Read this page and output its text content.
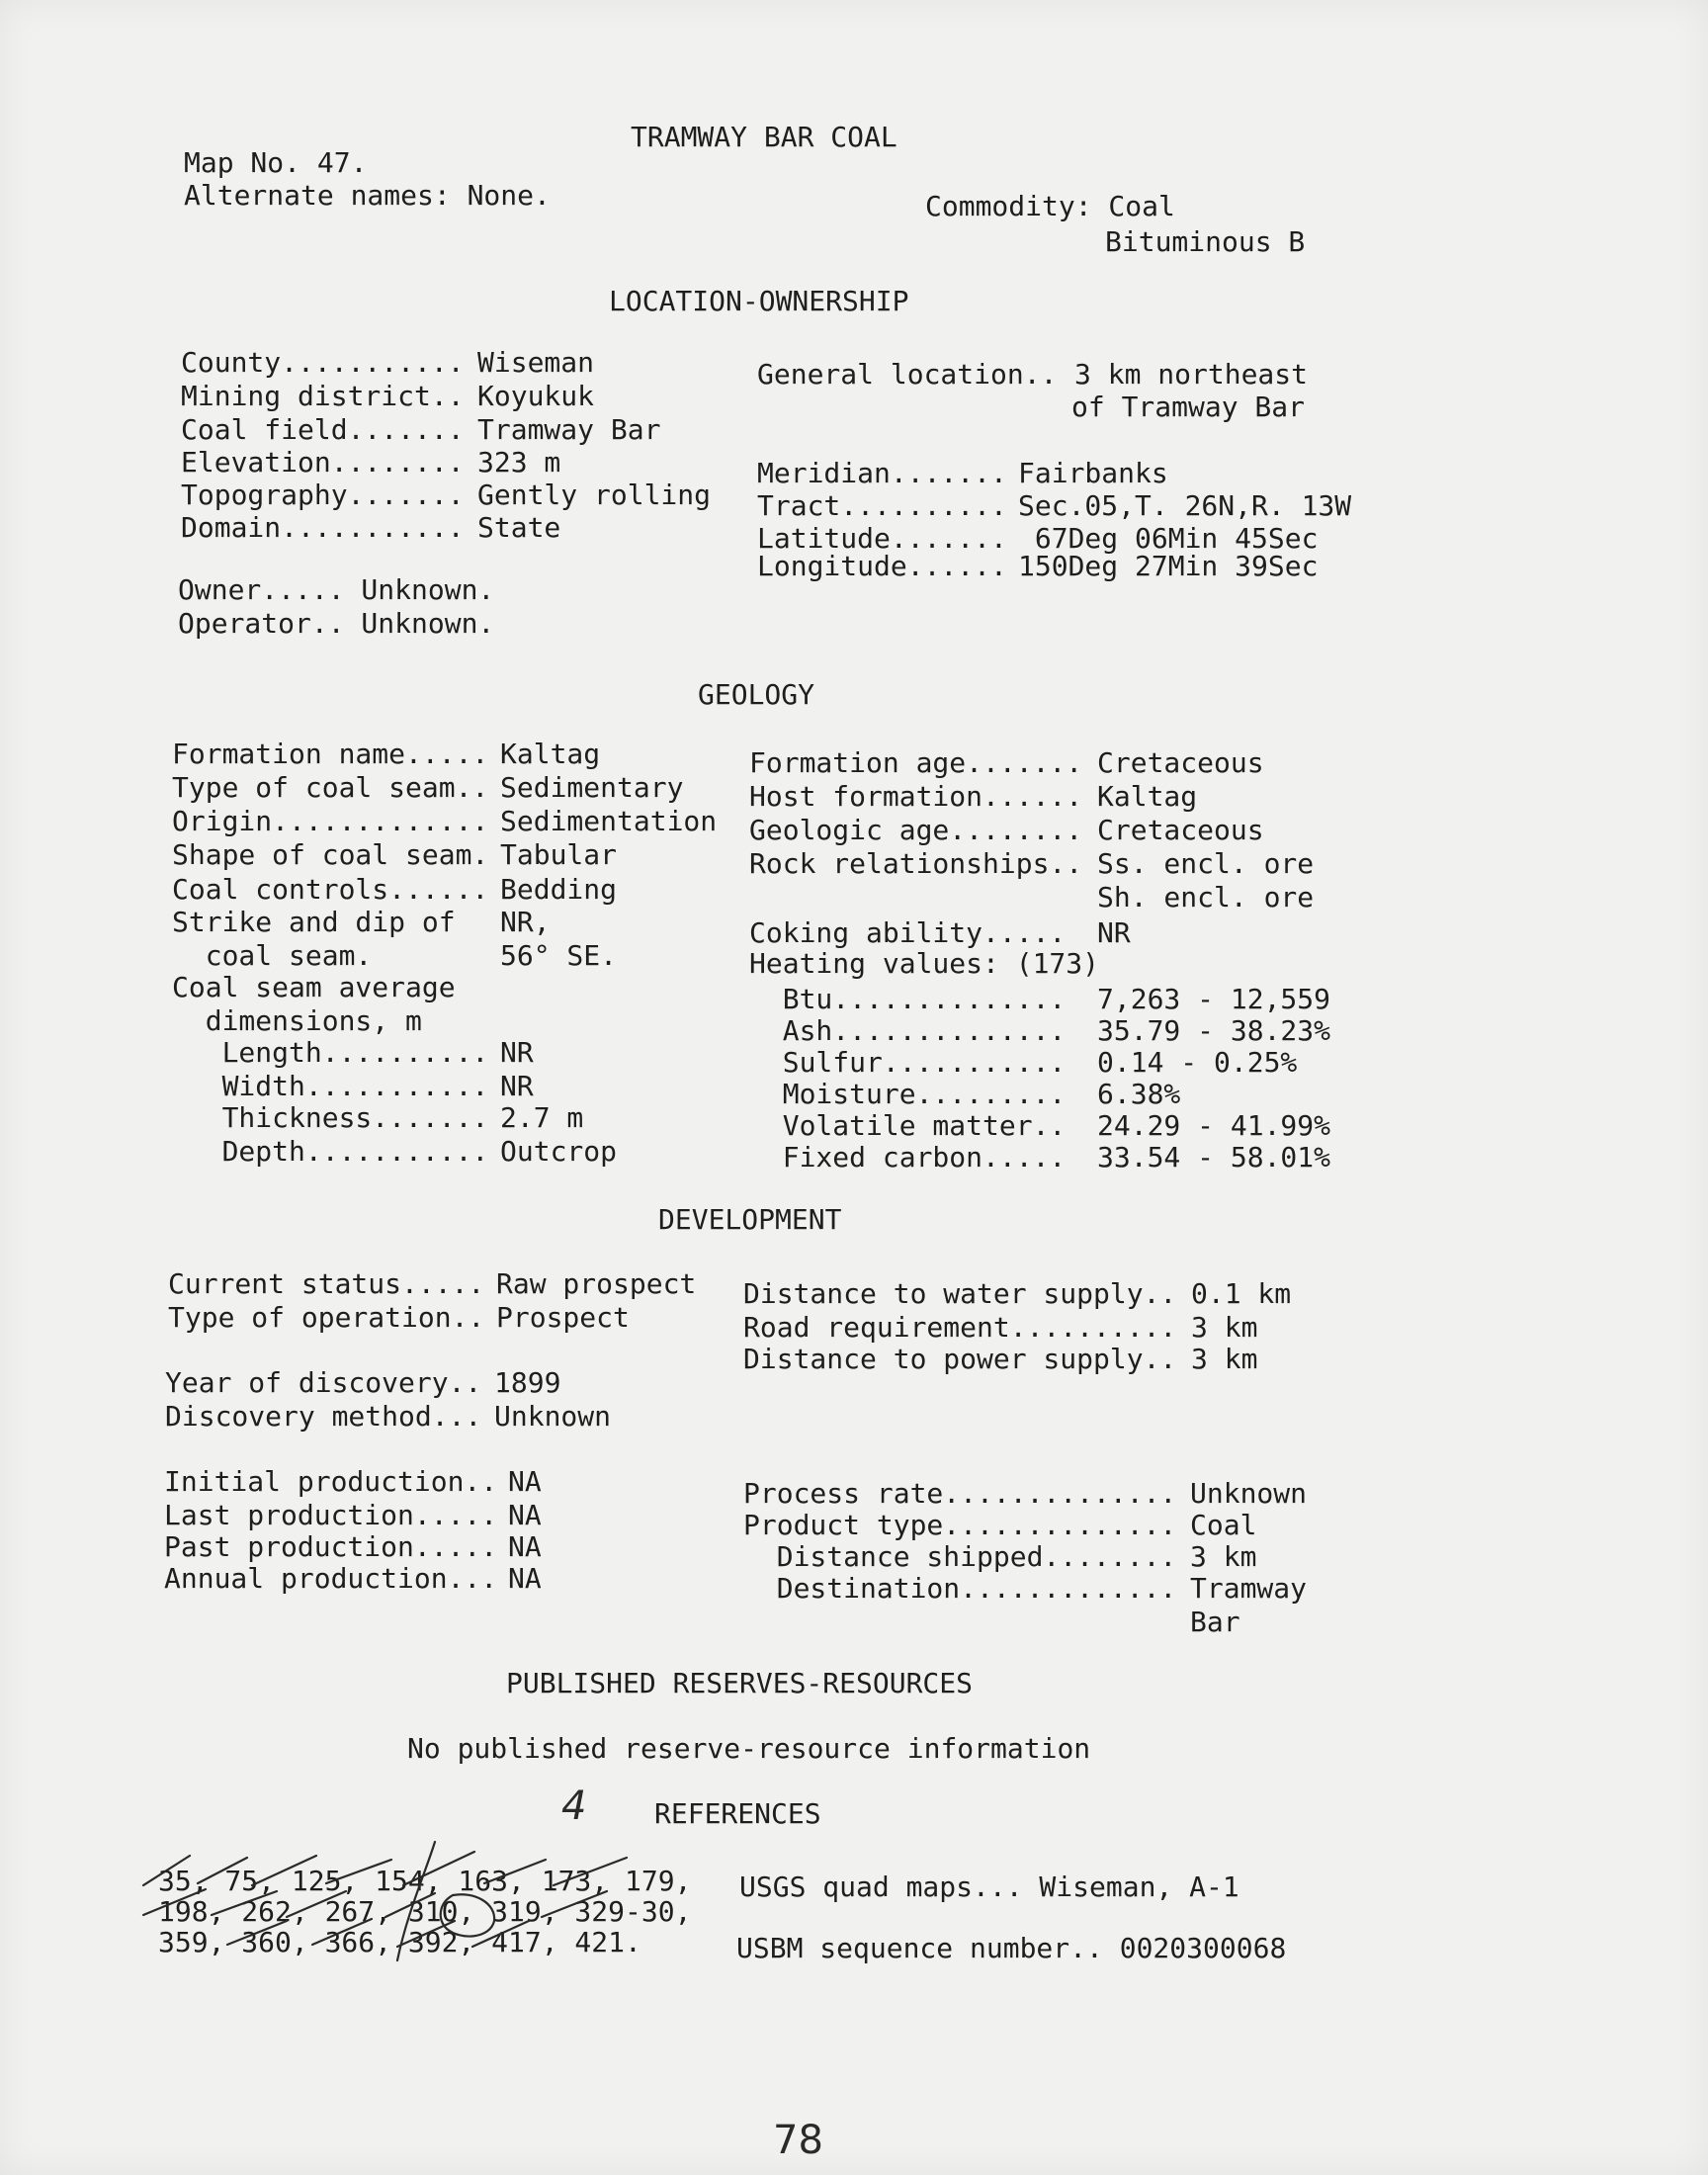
TRAMWAY BAR COAL
Map No. 47.
Alternate names: None.	Commodity: Coal
Bituminous B
LOCATION-OWNERSHIP
County........... Wiseman
Mining district.. Koyukuk
Coal field....... Tramway Bar
Elevation........ 323 m
Topography....... Gently rolling
Domain........... State
General location.. 3 km northeast
of Tramway Bar
Meridian....... Fairbanks
Tract.......... Sec.05,T. 26N,R. 13W
Latitude....... 67Deg 06Min 45Sec
Longitude...... 150Deg 27Min 39Sec
Owner..... Unknown.
Operator.. Unknown.
GEOLOGY
Formation name..... Kaltag
Type of coal seam.. Sedimentary
Origin............. Sedimentation
Shape of coal seam. Tabular
Coal controls...... Bedding
Strike and dip of NR,
coal seam. 56° SE.
Coal seam average
dimensions, m
Length.......... NR
Width........... NR
Thickness....... 2.7 m
Depth........... Outcrop
Formation age....... Cretaceous
Host formation...... Kaltag
Geologic age........ Cretaceous
Rock relationships.. Ss. encl. ore

Sh. encl. ore
Coking ability..... NR
Heating values: (173)
Btu.............. 7,263 - 12,559
Ash.............. 35.79 - 38.23%
Sulfur........... 0.14 - 0.25%
Moisture......... 6.38%
Volatile matter.. 24.29 - 41.99%
Fixed carbon..... 33.54 - 58.01%
DEVELOPMENT
Current status..... Raw prospect
Type of operation.. Prospect
Year of discovery.. 1899
Discovery method... Unknown
Initial production.. NA
Last production..... NA
Past production..... NA
Annual production... NA
Distance to water supply.. 0.1 km
Road requirement.......... 3 km
Distance to power supply.. 3 km
Process rate.............. Unknown
Product type.............. Coal
Distance shipped........ 3 km
Destination............. Tramway

Bar
PUBLISHED RESERVES-RESOURCES
No published reserve-resource information
4 REFERENCES
35, 75, 125, 154, 163, 173, 179,
198, 262, 267, 310, 319, 329-30,
359, 360, 366, 392, 417, 421.
USGS quad maps... Wiseman, A-1
USBM sequence number.. 0020300068
78
